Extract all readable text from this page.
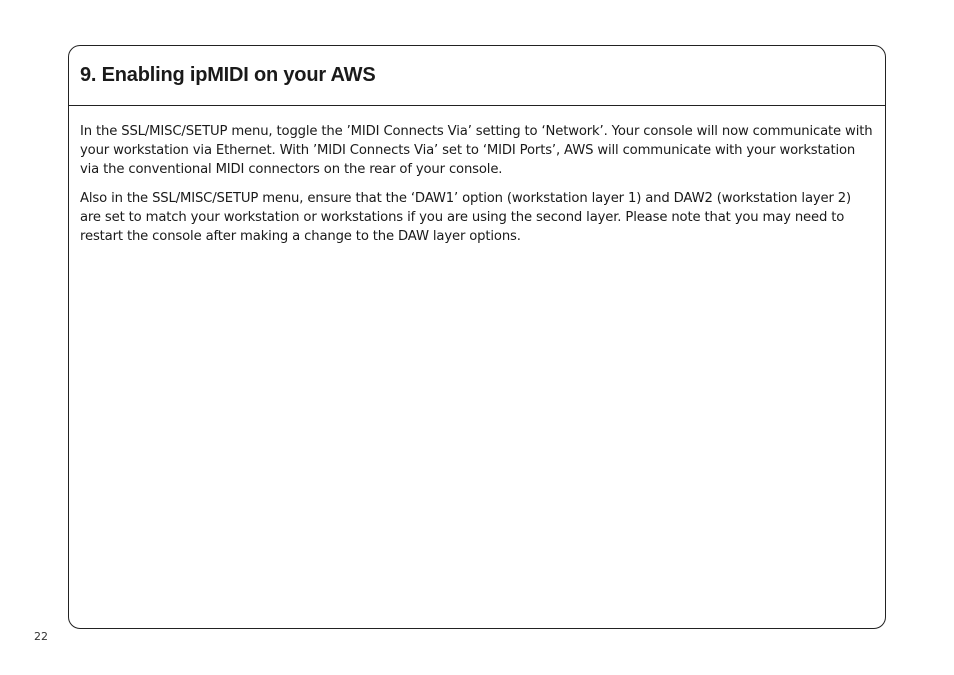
9. Enabling ipMIDI on your AWS

In the SSL/MISC/SETUP menu, toggle the ’MIDI Connects Via’ setting to ‘Network’. Your console will now communicate with your workstation via Ethernet. With ’MIDI Connects Via’ set to ‘MIDI Ports’, AWS will communicate with your workstation via the conventional MIDI connectors on the rear of your console.

Also in the SSL/MISC/SETUP menu, ensure that the ‘DAW1’ option (workstation layer 1) and DAW2 (workstation layer 2) are set to match your workstation or workstations if you are using the second layer. Please note that you may need to restart the console after making a change to the DAW layer options.

22
